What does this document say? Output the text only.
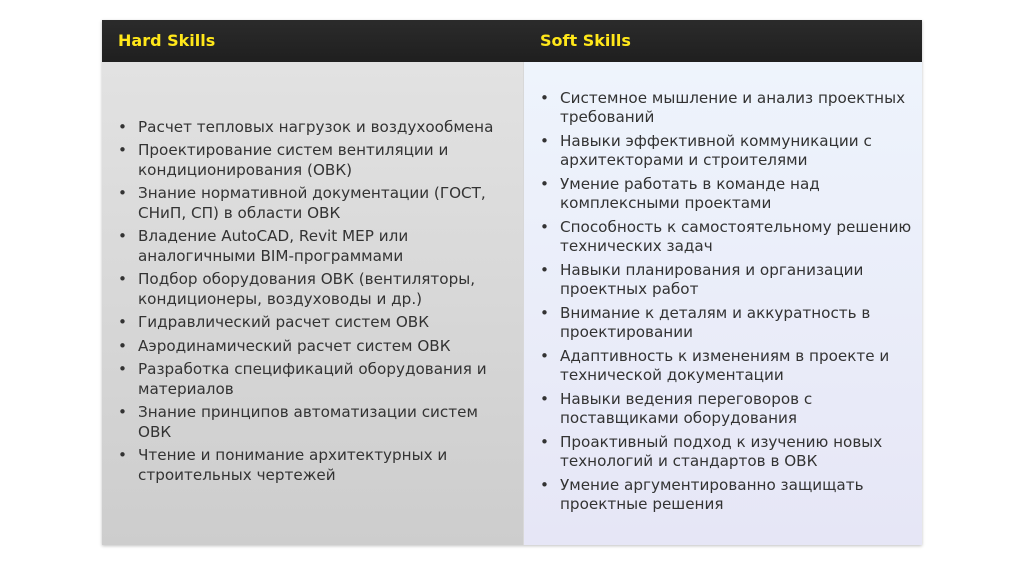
Hard Skills	Soft Skills
• Расчет тепловых нагрузок и воздухообмена
• Проектирование систем вентиляции и кондиционирования (ОВК)
• Знание нормативной документации (ГОСТ, СНиП, СП) в области ОВК
• Владение AutoCAD, Revit MEP или аналогичными BIM-программами
• Подбор оборудования ОВК (вентиляторы, кондиционеры, воздуховоды и др.)
• Гидравлический расчет систем ОВК
• Аэродинамический расчет систем ОВК
• Разработка спецификаций оборудования и материалов
• Знание принципов автоматизации систем ОВК
• Чтение и понимание архитектурных и строительных чертежей
• Системное мышление и анализ проектных требований
• Навыки эффективной коммуникации с архитекторами и строителями
• Умение работать в команде над комплексными проектами
• Способность к самостоятельному решению технических задач
• Навыки планирования и организации проектных работ
• Внимание к деталям и аккуратность в проектировании
• Адаптивность к изменениям в проекте и технической документации
• Навыки ведения переговоров с поставщиками оборудования
• Проактивный подход к изучению новых технологий и стандартов в ОВК
• Умение аргументированно защищать проектные решения
